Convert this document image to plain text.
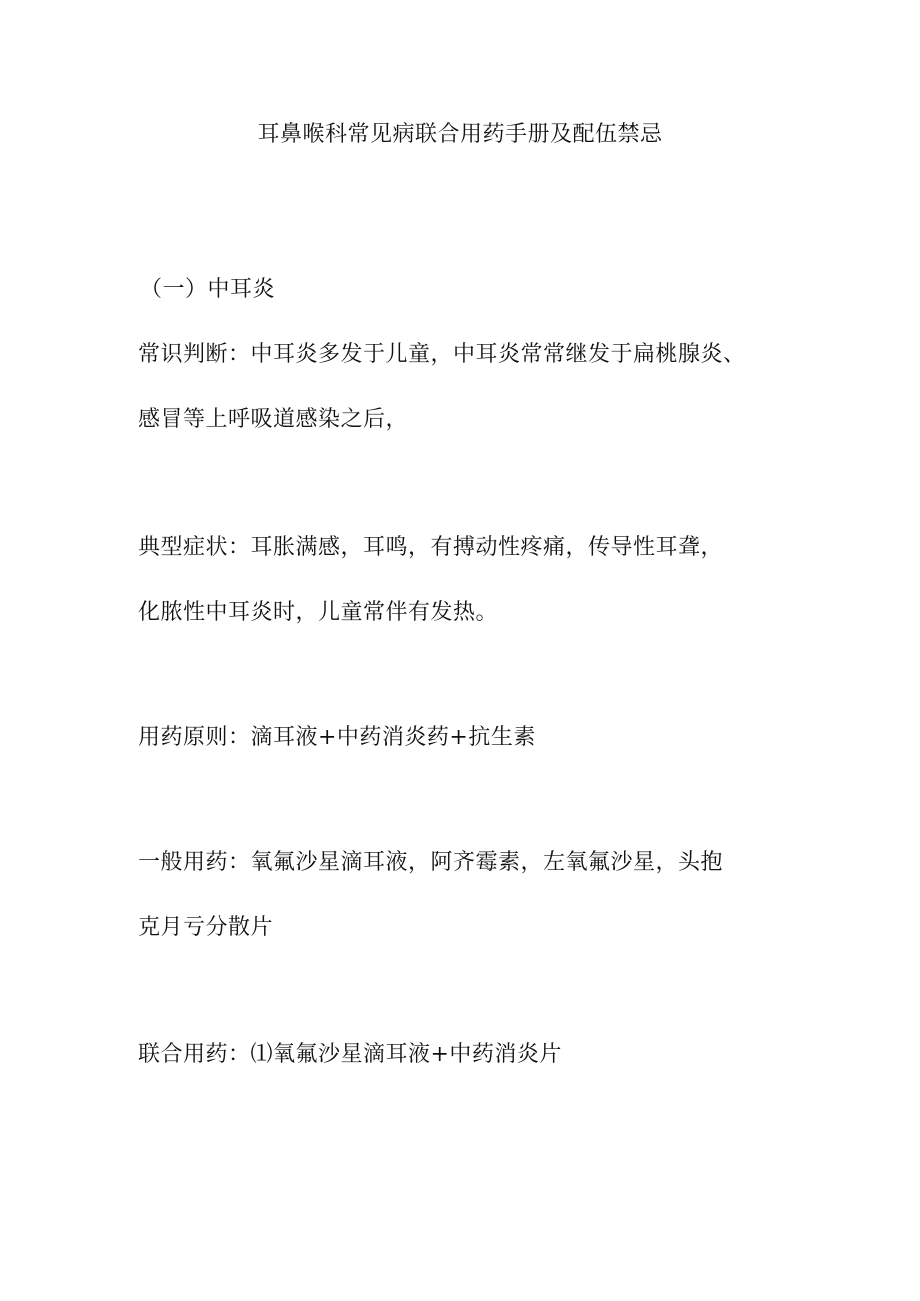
耳鼻喉科常见病联合用药手册及配伍禁忌
（一）中耳炎
常识判断：中耳炎多发于儿童，中耳炎常常继发于扁桃腺炎、
感冒等上呼吸道感染之后，
典型症状：耳胀满感，耳鸣，有搏动性疼痛，传导性耳聋，
化脓性中耳炎时，儿童常伴有发热。
用药原则：滴耳液+中药消炎药+抗生素
一般用药：氧氟沙星滴耳液，阿齐霉素，左氧氟沙星，头抱
克月亏分散片
联合用药：⑴氧氟沙星滴耳液+中药消炎片
